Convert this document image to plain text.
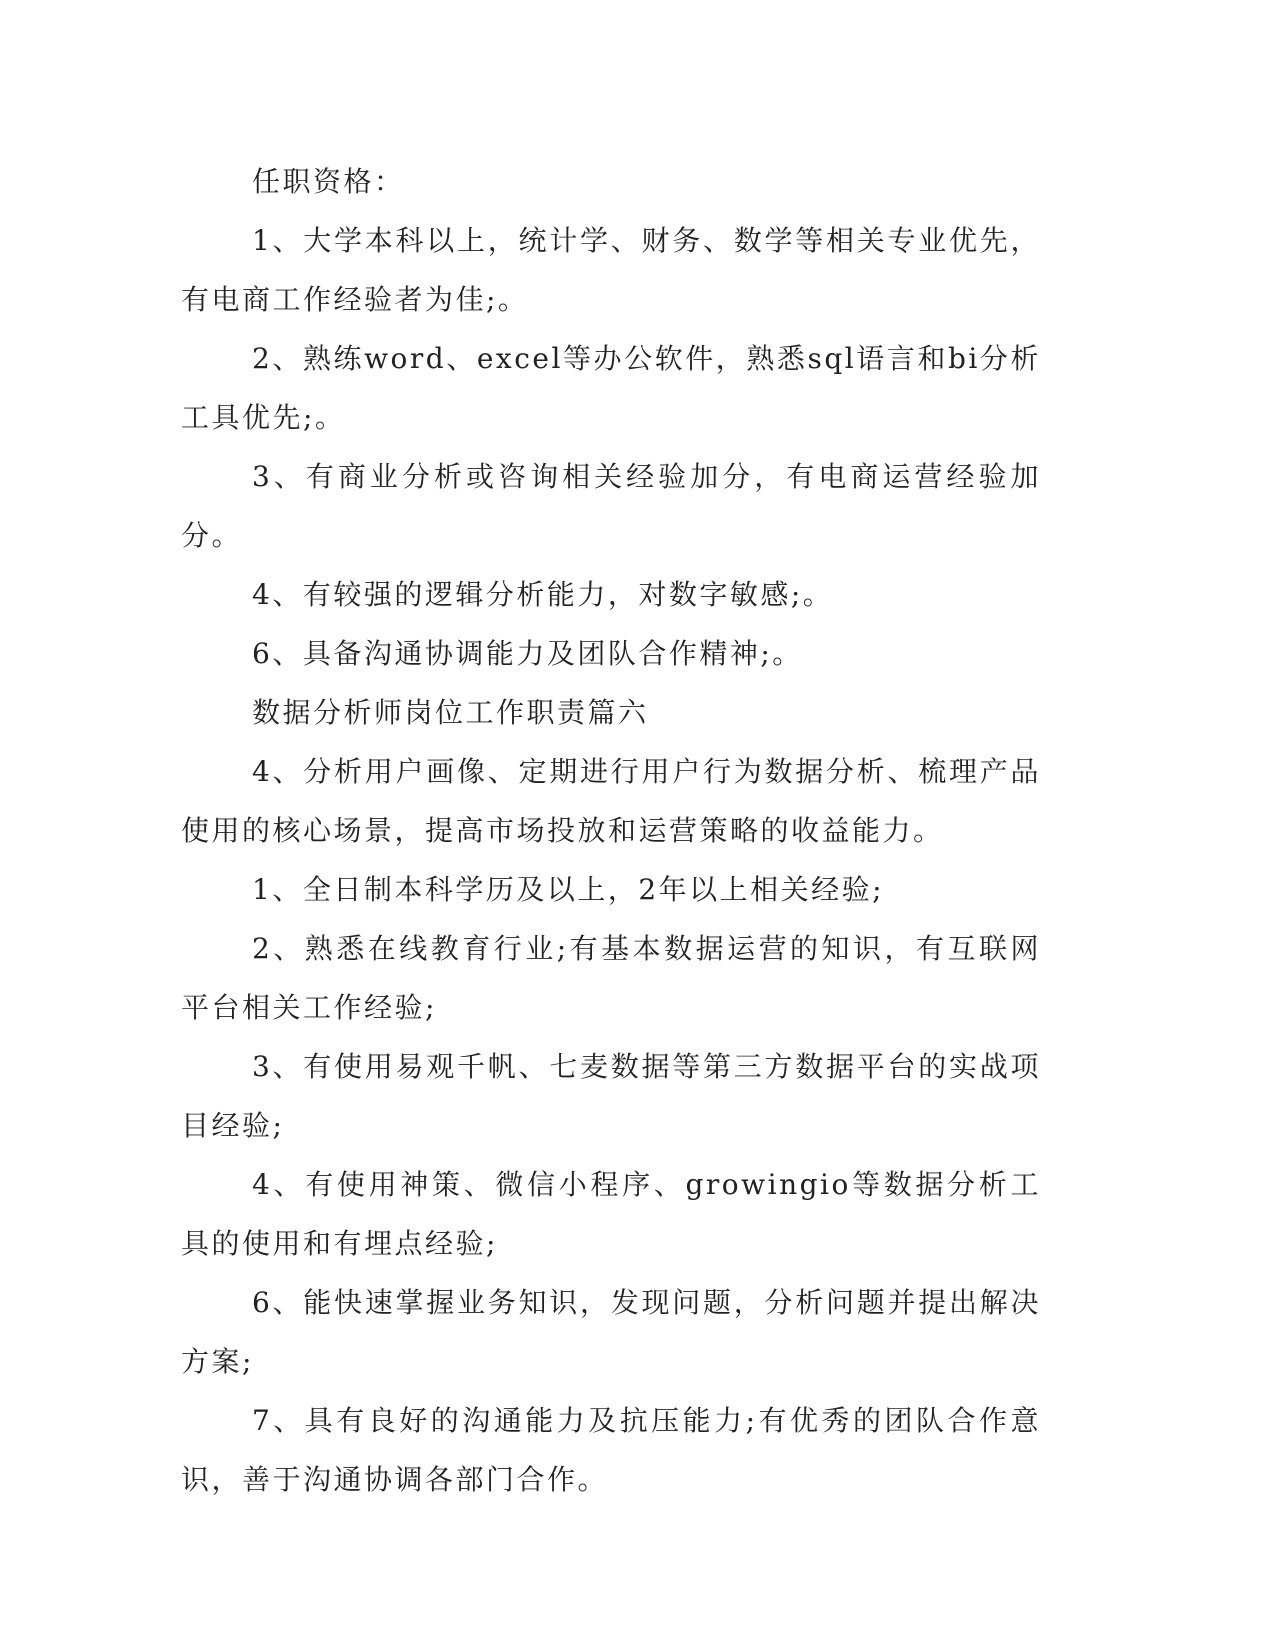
任职资格：

1、大学本科以上，统计学、财务、数学等相关专业优先，有电商工作经验者为佳;。

2、熟练word、excel等办公软件，熟悉sql语言和bi分析工具优先;。

3、有商业分析或咨询相关经验加分，有电商运营经验加分。

4、有较强的逻辑分析能力，对数字敏感;。

6、具备沟通协调能力及团队合作精神;。

数据分析师岗位工作职责篇六

4、分析用户画像、定期进行用户行为数据分析、梳理产品使用的核心场景，提高市场投放和运营策略的收益能力。

1、全日制本科学历及以上，2年以上相关经验;

2、熟悉在线教育行业;有基本数据运营的知识，有互联网平台相关工作经验;

3、有使用易观千帆、七麦数据等第三方数据平台的实战项目经验;

4、有使用神策、微信小程序、growingio等数据分析工具的使用和有埋点经验;

6、能快速掌握业务知识，发现问题，分析问题并提出解决方案;

7、具有良好的沟通能力及抗压能力;有优秀的团队合作意识，善于沟通协调各部门合作。
